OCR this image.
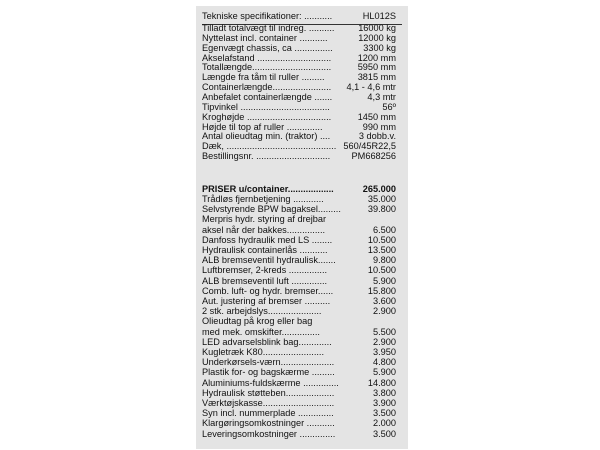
Tekniske specifikationer: ...........	HL012S
Tilladt totalvægt til indreg. ..........	16000 kg
Nyttelast incl. container ...........	12000 kg
Egenvægt chassis, ca ...............	3300 kg
Akselafstand .............................	1200 mm
Totallængde...............................	5950 mm
Længde fra tåm til ruller .........	3815 mm
Containerlængde....................... 4,1 - 4,6 mtr
Anbefalet containerlængde .......	4,3 mtr
Tipvinkel ...................................	56º
Kroghøjde .................................	1450 mm
Højde til top af ruller ..............	990 mm
Antal olieudtag min. (traktor) ....	3 dobb.v.
Dæk, ........................................... 560/45R22,5
Bestillingsnr. ............................. PM668256
PRISER u/container..................	265.000
Trådløs fjernbetjening ............	35.000
Selvstyrende BPW bagaksel.........	39.800
Merpris hydr. styring af drejbar
aksel når der bakkes...............	6.500
Danfoss hydraulik med LS ........	10.500
Hydraulisk containerlås ...........	13.500
ALB bremseventil hydraulisk.......	9.800
Luftbremser, 2-kreds ...............	10.500
ALB bremseventil luft ..............	5.900
Comb. luft- og hydr. bremser......	15.800
Aut. justering af bremser ..........	3.600
2 stk. arbejdslys.....................	2.900
Olieudtag på krog eller bag
med mek. omskifter...............	5.500
LED advarselsblink bag.............	2.900
Kugletræk K80........................	3.950
Underkørsels-værn.....................	4.800
Plastik for- og bagskærme .........	5.900
Aluminiums-fuldskærme ..............	14.800
Hydraulisk støtteben...................	3.800
Værktøjskasse............................	3.900
Syn incl. nummerplade ..............	3.500
Klargøringsomkostninger ...........	2.000
Leveringsomkostninger ..............	3.500
